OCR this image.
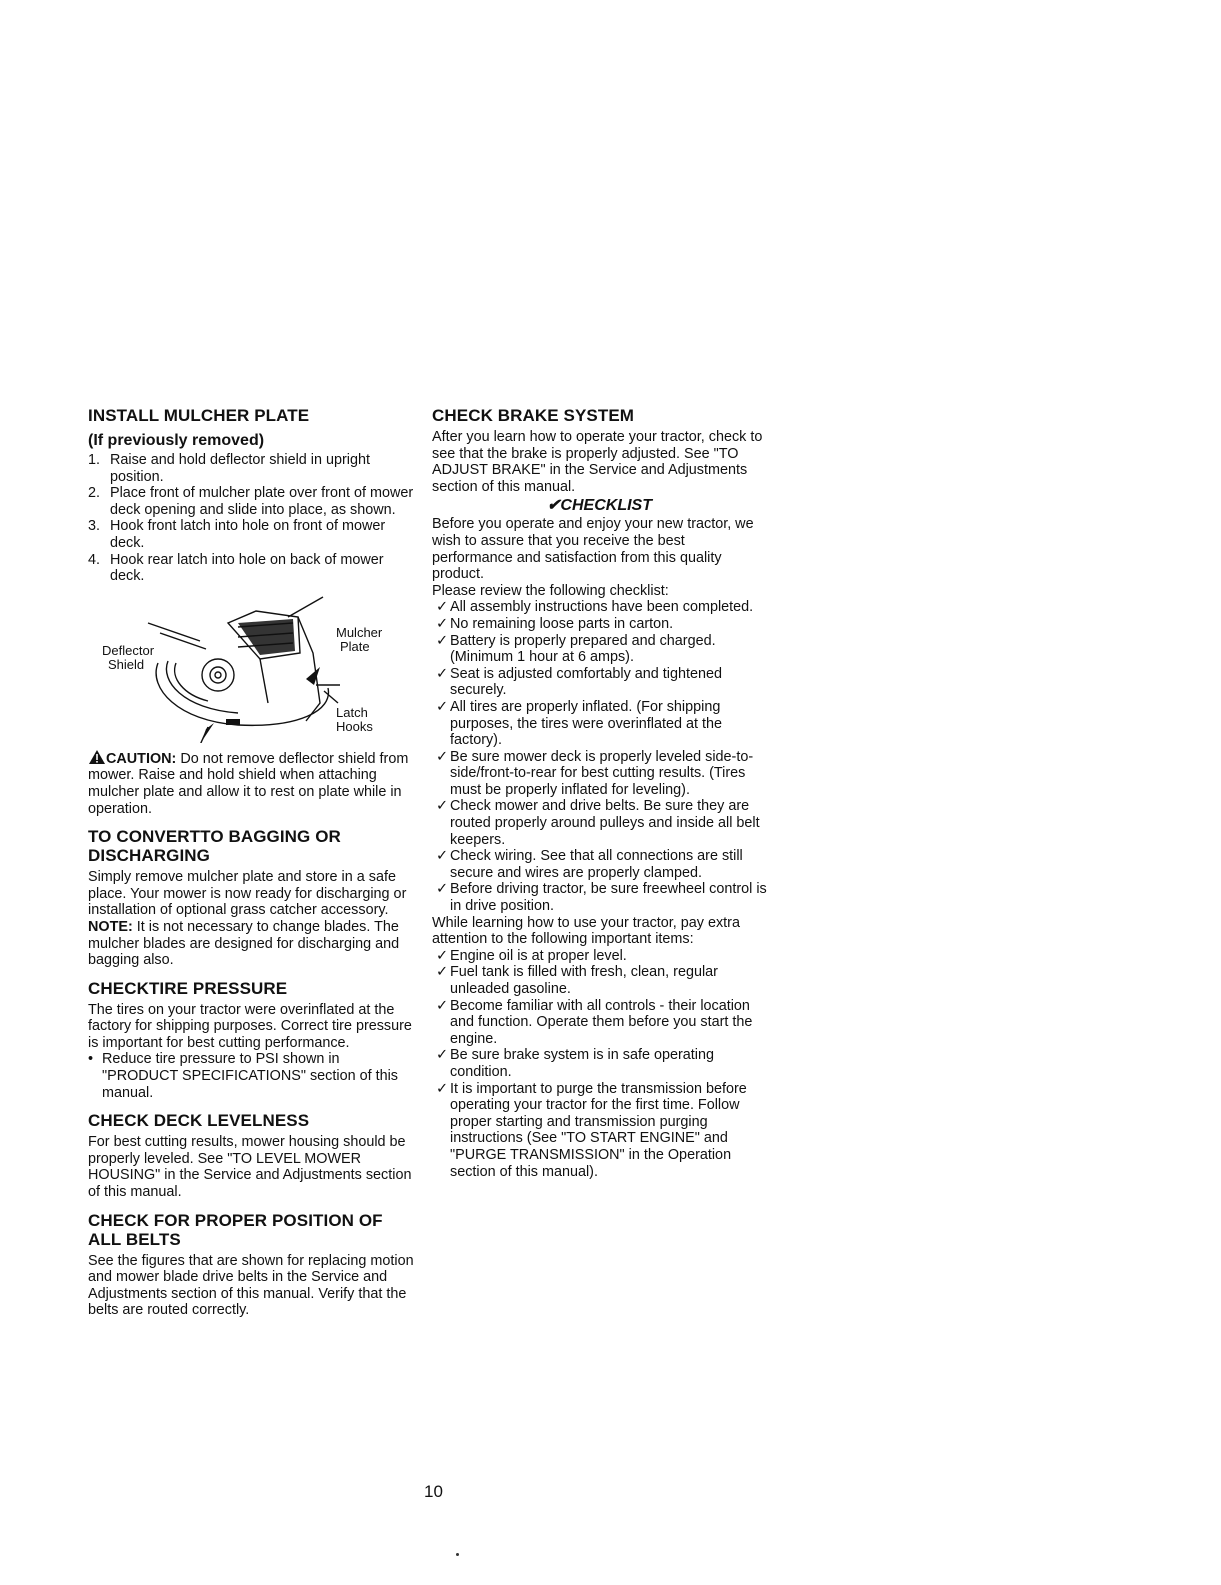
INSTALL MULCHER PLATE
(If previously removed)
1. Raise and hold deflector shield in upright position.
2. Place front of mulcher plate over front of mower deck opening and slide into place, as shown.
3. Hook front latch into hole on front of mower deck.
4. Hook rear latch into hole on back of mower deck.
Deflector
Shield
Mulcher
Plate
Latch
Hooks
CAUTION: Do not remove deflector shield from mower. Raise and hold shield when attaching mulcher plate and allow it to rest on plate while in operation.
TO CONVERTTO BAGGING OR DISCHARGING

Simply remove mulcher plate and store in a safe place. Your mower is now ready for discharging or installation of optional grass catcher accessory.

NOTE: It is not necessary to change blades. The mulcher blades are designed for discharging and bagging also.

CHECKTIRE PRESSURE

The tires on your tractor were overinflated at the factory for shipping purposes. Correct tire pressure is important for best cutting performance.

• Reduce tire pressure to PSI shown in "PRODUCT SPECIFICATIONS" section of this manual.
CHECK DECK LEVELNESS

For best cutting results, mower housing should be properly leveled. See "TO LEVEL MOWER HOUSING" in the Service and Adjustments section of this manual.

CHECK FOR PROPER POSITION OF ALL BELTS

See the figures that are shown for replacing motion and mower blade drive belts in the Service and Adjustments section of this manual. Verify that the belts are routed correctly.

CHECK BRAKE SYSTEM

After you learn how to operate your tractor, check to see that the brake is properly adjusted. See "TO ADJUST BRAKE" in the Service and Adjustments section of this manual.

✔CHECKLIST

Before you operate and enjoy your new tractor, we wish to assure that you receive the best performance and satisfaction from this quality product.

Please review the following checklist:

✓ All assembly instructions have been completed.
✓ No remaining loose parts in carton.
✓ Battery is properly prepared and charged. (Minimum 1 hour at 6 amps).
✓ Seat is adjusted comfortably and tightened securely.
✓ All tires are properly inflated. (For shipping purposes, the tires were overinflated at the factory).
✓ Be sure mower deck is properly leveled side-to-side/front-to-rear for best cutting results. (Tires must be properly inflated for leveling).
✓ Check mower and drive belts. Be sure they are routed properly around pulleys and inside all belt keepers.
✓ Check wiring. See that all connections are still secure and wires are properly clamped.
✓ Before driving tractor, be sure freewheel control is in drive position.

While learning how to use your tractor, pay extra attention to the following important items:

✓ Engine oil is at proper level.
✓ Fuel tank is filled with fresh, clean, regular unleaded gasoline.
✓ Become familiar with all controls - their location and function. Operate them before you start the engine.
✓ Be sure brake system is in safe operating condition.
✓ It is important to purge the transmission before operating your tractor for the first time. Follow proper starting and transmission purging instructions (See "TO START ENGINE" and "PURGE TRANSMISSION" in the Operation section of this manual).
10
